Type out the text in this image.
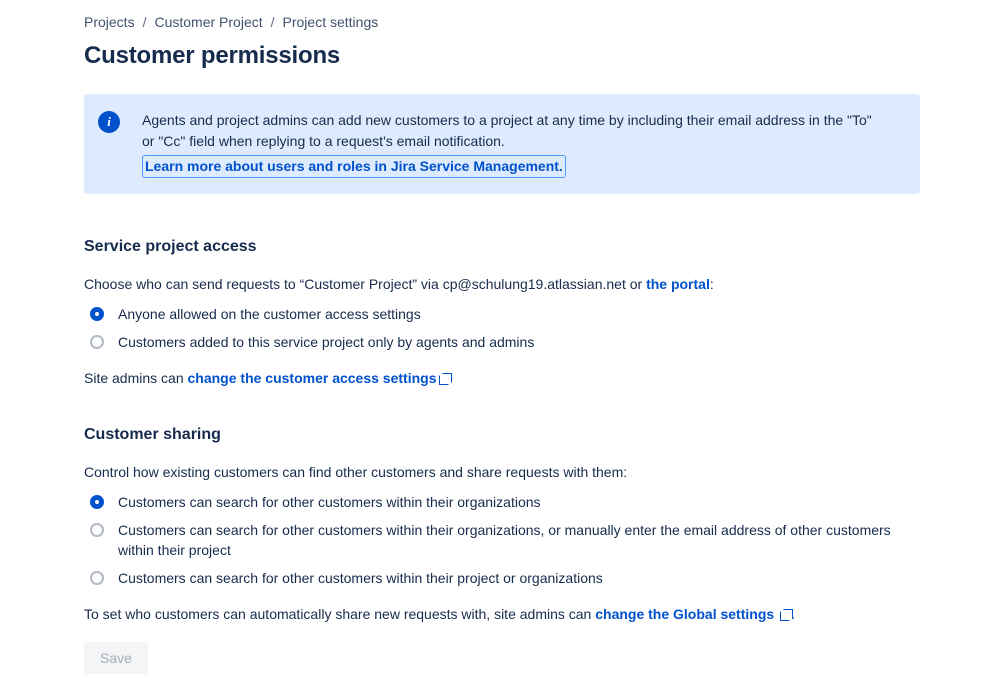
Projects / Customer Project / Project settings
Customer permissions
i	Agents and project admins can add new customers to a project at any time by including their email address in the "To" or "Cc" field when replying to a request's email notification.
Learn more about users and roles in Jira Service Management.
Service project access

Choose who can send requests to “Customer Project” via cp@schulung19.atlassian.net or the portal:

Anyone allowed on the customer access settings
Customers added to this service project only by agents and admins

Site admins can change the customer access settings

Customer sharing

Control how existing customers can find other customers and share requests with them:

Customers can search for other customers within their organizations
Customers can search for other customers within their organizations, or manually enter the email address of other customers within their project
Customers can search for other customers within their project or organizations

To set who customers can automatically share new requests with, site admins can change the Global settings .

Save
